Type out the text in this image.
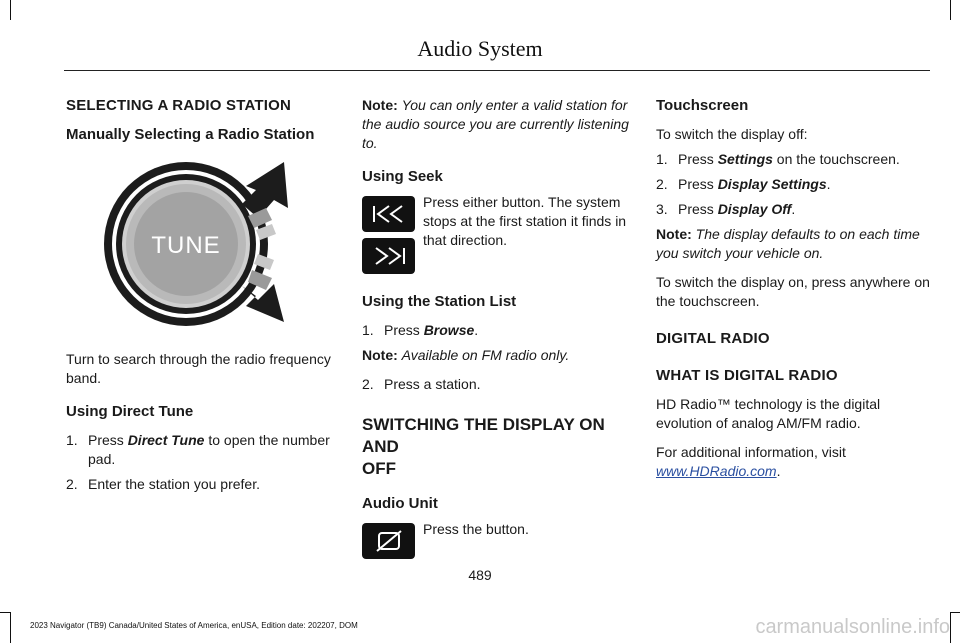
Audio System
SELECTING A RADIO STATION
Manually Selecting a Radio Station
TUNE

Turn to search through the radio frequency band.

Using Direct Tune
1. Press Direct Tune to open the number pad.
2. Enter the station you prefer.

Note: You can only enter a valid station for the audio source you are currently listening to.

Using Seek

Press either button. The system stops at the first station it finds in that direction.

Using the Station List
1. Press Browse.

Note: Available on FM radio only.

2. Press a station.

SWITCHING THE DISPLAY ON AND
OFF

Audio Unit

Press the button.

Touchscreen

To switch the display off:

1. Press Settings on the touchscreen.
2. Press Display Settings.
3. Press Display Off.

Note: The display defaults to on each time you switch your vehicle on.

To switch the display on, press anywhere on the touchscreen.

DIGITAL RADIO
WHAT IS DIGITAL RADIO

HD Radio™ technology is the digital evolution of analog AM/FM radio.

For additional information, visit

www.HDRadio.com.

489
2023 Navigator (TB9) Canada/United States of America, enUSA, Edition date: 202207, DOM	carmanualsonline.info
